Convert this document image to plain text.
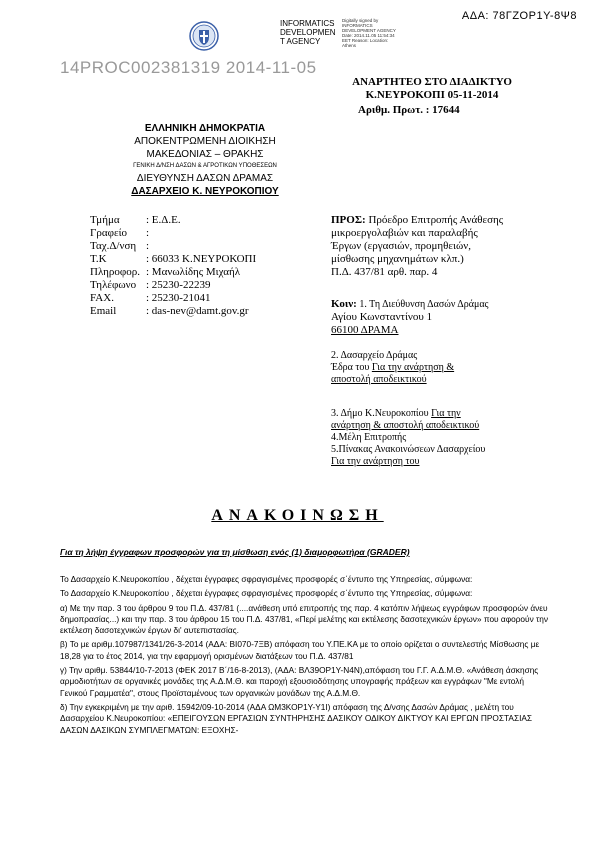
ΑΔΑ: 78ΓΖΟΡ1Υ-8Ψ8
INFORMATICS
DEVELOPMEN
T AGENCY
Digitally signed by INFORMATICS DEVELOPMENT AGENCY Date: 2014.11.05 11:54:34 EET Reason: Location: Athens
14PROC002381319 2014-11-05
ΑΝΑΡΤΗΤΕΟ ΣΤΟ ΔΙΑΔΙΚΤΥΟ
Κ.ΝΕΥΡΟΚΟΠΙ 05-11-2014
Αριθμ. Πρωτ. : 17644
ΕΛΛΗΝΙΚΗ ΔΗΜΟΚΡΑΤΙΑ
ΑΠΟΚΕΝΤΡΩΜΕΝΗ ΔΙΟΙΚΗΣΗ
ΜΑΚΕΔΟΝΙΑΣ – ΘΡΑΚΗΣ
ΓΕΝΙΚΗ Δ/ΝΣΗ ΔΑΣΩΝ & ΑΓΡΟΤΙΚΩΝ ΥΠΟΘΕΣΕΩΝ
ΔΙΕΥΘΥΝΣΗ ΔΑΣΩΝ ΔΡΑΜΑΣ
ΔΑΣΑΡΧΕΙΟ Κ. ΝΕΥΡΟΚΟΠΙΟΥ
Τμήμα	: Ε.Δ.Ε.
Γραφείο	:
Ταχ.Δ/νση :
Τ.Κ	: 66033 Κ.ΝΕΥΡΟΚΟΠΙ
Πληροφορ. : Μανωλίδης Μιχαήλ
Τηλέφωνο : 25230-22239
FAX.	: 25230-21041
Email	: das-nev@damt.gov.gr
ΠΡΟΣ: Πρόεδρο Επιτροπής Ανάθεσης
μικροεργολαβιών και παραλαβής
Έργων (εργασιών, προμηθειών,
μίσθωσης μηχανημάτων κλπ.)
Π.Δ. 437/81 αρθ. παρ. 4
Κοιν: 1. Τη Διεύθυνση Δασών Δράμας
Αγίου Κωνσταντίνου 1
66100 ΔΡΑΜΑ
2. Δασαρχείο Δράμας
Έδρα του Για την ανάρτηση &
αποστολή αποδεικτικού
3. Δήμο Κ.Νευροκοπίου Για την
ανάρτηση & αποστολή αποδεικτικού
4.Μέλη Επιτροπής
5.Πίνακας Ανακοινώσεων Δασαρχείου
Για την ανάρτηση του
ΑΝΑΚΟΙΝΩΣΗ
Για τη λήψη έγγραφων προσφορών για τη μίσθωση ενός (1) διαμορφωτήρα (GRADER)

Το Δασαρχείο Κ.Νευροκοπίου , δέχεται έγγραφες σφραγισμένες προσφορές σ΄έντυπο της Υπηρεσίας, σύμφωνα:

Το Δασαρχείο Κ.Νευροκοπίου , δέχεται έγγραφες σφραγισμένες προσφορές σ΄έντυπο της Υπηρεσίας, σύμφωνα:

α) Με την παρ. 3 του άρθρου 9 του Π.Δ. 437/81 (....ανάθεση υπό επιτροπής της παρ. 4 κατόπιν λήψεως εγγράφων προσφορών άνευ δημοπρασίας...) και την παρ. 3 του άρθρου 15 του Π.Δ. 437/81, «Περί μελέτης και εκτέλεσης δασοτεχνικών έργων» που αφορούν την εκτέλεση δασοτεχνικών έργων δι' αυτεπιστασίας.

β) Το με αριθμ.107987/1341/26-3-2014 (ΑΔΑ: ΒΙ070-7ΞΒ) απόφαση του Υ.ΠΕ.ΚΑ με το οποίο ορίζεται ο συντελεστής Μίσθωσης με 18,28 για το έτος 2014, για την εφαρμογή ορισμένων διατάξεων του Π.Δ. 437/81

γ) Την αριθμ. 53844/10-7-2013 (ΦΕΚ 2017 Β΄/16-8-2013), (ΑΔΑ: ΒΛ39ΟΡ1Υ-Ν4Ν),απόφαση του Γ.Γ. Α.Δ.Μ.Θ. «Ανάθεση άσκησης αρμοδιοτήτων σε οργανικές μονάδες της Α.Δ.Μ.Θ. και παροχή εξουσιοδότησης υπογραφής πράξεων και εγγράφων "Με εντολή Γενικού Γραμματέα", στους Προϊσταμένους των οργανικών μονάδων της Α.Δ.Μ.Θ.

δ) Την εγκεκριμένη με την αριθ. 15942/09-10-2014 (ΑΔΑ ΩΜ3ΚΟΡ1Υ-Υ1Ι) απόφαση της Δ/νσης Δασών Δράμας , μελέτη του Δασαρχείου Κ.Νευροκοπίου: «ΕΠΕΙΓΟΥΣΩΝ ΕΡΓΑΣΙΩΝ ΣΥΝΤΗΡΗΣΗΣ ΔΑΣΙΚΟΥ ΟΔΙΚΟΥ ΔΙΚΤΥΟΥ ΚΑΙ ΕΡΓΩΝ ΠΡΟΣΤΑΣΙΑΣ ΔΑΣΩΝ ΔΑΣΙΚΩΝ ΣΥΜΠΛΕΓΜΑΤΩΝ: ΕΞΟΧΗΣ-
